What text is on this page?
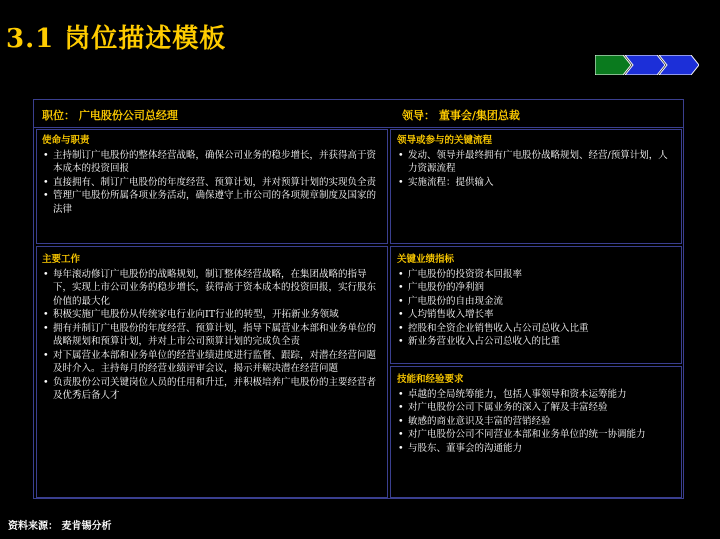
3.1 岗位描述模板
职位： 广电股份公司总经理	领导： 董事会/集团总裁
使命与职责
• 主持制订广电股份的整体经营战略，确保公司业务的稳步增长，并获得高于资本成本的投资回报
• 直接拥有、制订广电股份的年度经营、预算计划，并对预算计划的实现负全责
• 管理广电股份所属各项业务活动，确保遵守上市公司的各项规章制度及国家的法律
领导或参与的关键流程
• 发动、领导并最终拥有广电股份战略规划、经营/预算计划，人力资源流程
• 实施流程：提供输入
主要工作
• 每年滚动修订广电股份的战略规划，制订整体经营战略，在集团战略的指导下，实现上市公司业务的稳步增长，获得高于资本成本的投资回报，实行股东价值的最大化
• 积极实施广电股份从传统家电行业向IT行业的转型，开拓新业务领域
• 拥有并制订广电股份的年度经营、预算计划，指导下属营业本部和业务单位的战略规划和预算计划，并对上市公司预算计划的完成负全责
• 对下属营业本部和业务单位的经营业绩进度进行监督、跟踪，对潜在经营问题及时介入。主持每月的经营业绩评审会议，揭示并解决潜在经营问题
• 负责股份公司关键岗位人员的任用和升迁，并积极培养广电股份的主要经营者及优秀后备人才
关键业绩指标
• 广电股份的投资资本回报率
• 广电股份的净利润
• 广电股份的自由现金流
• 人均销售收入增长率
• 控股和全资企业销售收入占公司总收入比重
• 新业务营业收入占公司总收入的比重
技能和经验要求
• 卓越的全局统筹能力，包括人事领导和资本运筹能力
• 对广电股份公司下属业务的深入了解及丰富经验
• 敏感的商业意识及丰富的营销经验
• 对广电股份公司不同营业本部和业务单位的统一协调能力
• 与股东、董事会的沟通能力
资料来源： 麦肯锡分析
